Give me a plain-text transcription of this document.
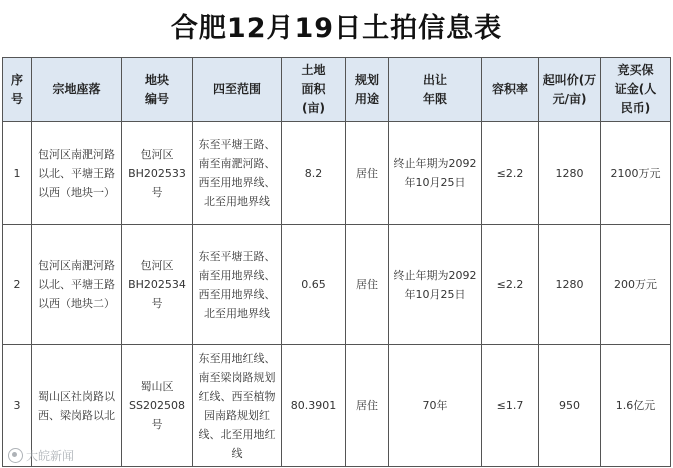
合肥12月19日土拍信息表
序号	宗地座落	地块编号	四至范围	土地面积(亩)	规划用途	出让年限	容积率	起叫价(万元/亩)	竞买保证金(人民币)
1	包河区南淝河路以北、平塘王路以西（地块一）	包河区BH202533号	东至平塘王路、南至南淝河路、西至用地界线、北至用地界线	8.2	居住	终止年期为2092年10月25日	≤2.2	1280	2100万元
2	包河区南淝河路以北、平塘王路以西（地块二）	包河区BH202534号	东至平塘王路、南至用地界线、西至用地界线、北至用地界线	0.65	居住	终止年期为2092年10月25日	≤2.2	1280	200万元
3	蜀山区社岗路以西、梁岗路以北	蜀山区SS202508号	东至用地红线、南至梁岗路规划红线、西至植物园南路规划红线、北至用地红线	80.3901	居住	70年	≤1.7	950	1.6亿元
大皖新闻
